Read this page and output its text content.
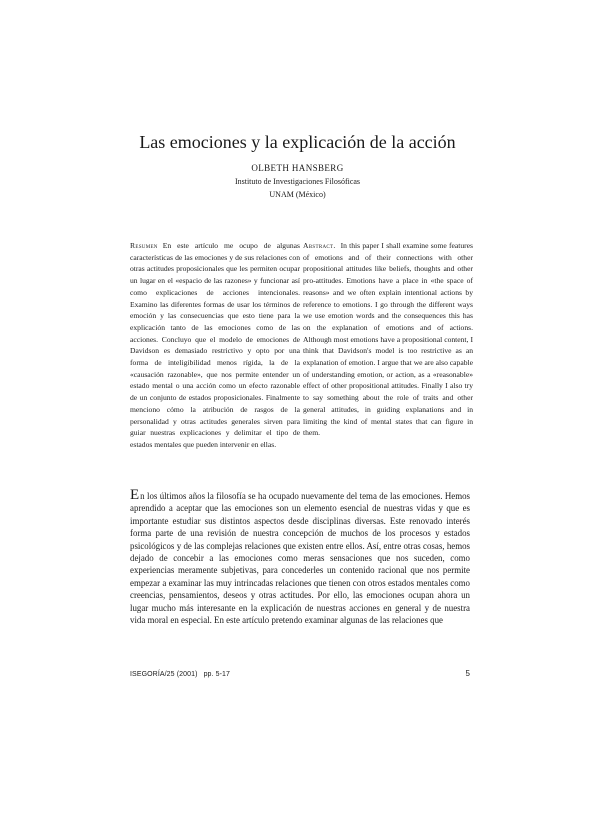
Las emociones y la explicación de la acción
OLBETH HANSBERG
Instituto de Investigaciones Filosóficas
UNAM (México)
Resumen En este artículo me ocupo de algunas características de las emociones y de sus relaciones con otras actitudes proposicionales que les permiten ocupar un lugar en el «espacio de las razones» y funcionar así como explicaciones de acciones intencionales. Examino las diferentes formas de usar los términos de emoción y las consecuencias que esto tiene para la explicación tanto de las emociones como de las acciones. Concluyo que el modelo de emociones de Davidson es demasiado restrictivo y opto por una forma de inteligibilidad menos rígida, la de la «causación razonable», que nos permite entender un estado mental o una acción como un efecto razonable de un conjunto de estados proposicionales. Finalmente menciono cómo la atribución de rasgos de la personalidad y otras actitudes generales sirven para guiar nuestras explicaciones y delimitar el tipo de estados mentales que pueden intervenir en ellas.
Abstract. In this paper I shall examine some features of emotions and of their connections with other propositional attitudes like beliefs, thoughts and other pro-attitudes. Emotions have a place in «the space of reasons» and we often explain intentional actions by reference to emotions. I go through the different ways we use emotion words and the consequences this has on the explanation of emotions and of actions. Although most emotions have a propositional content, I think that Davidson's model is too restrictive as an explanation of emotion. I argue that we are also capable of understanding emotion, or action, as a «reasonable» effect of other propositional attitudes. Finally I also try to say something about the role of traits and other general attitudes, in guiding explanations and in limiting the kind of mental states that can figure in them.

En los últimos años la filosofía se ha ocupado nuevamente del tema de las emociones. Hemos aprendido a aceptar que las emociones son un elemento esencial de nuestras vidas y que es importante estudiar sus distintos aspectos desde disciplinas diversas. Este renovado interés forma parte de una revisión de nuestra concepción de muchos de los procesos y estados psicológicos y de las complejas relaciones que existen entre ellos. Así, entre otras cosas, hemos dejado de concebir a las emociones como meras sensaciones que nos suceden, como experiencias meramente subjetivas, para concederles un contenido racional que nos permite empezar a examinar las muy intrincadas relaciones que tienen con otros estados mentales como creencias, pensamientos, deseos y otras actitudes. Por ello, las emociones ocupan ahora un lugar mucho más interesante en la explicación de nuestras acciones en general y de nuestra vida moral en especial. En este artículo pretendo examinar algunas de las relaciones que

ISEGORÍA/25 (2001) pp. 5-17	5
